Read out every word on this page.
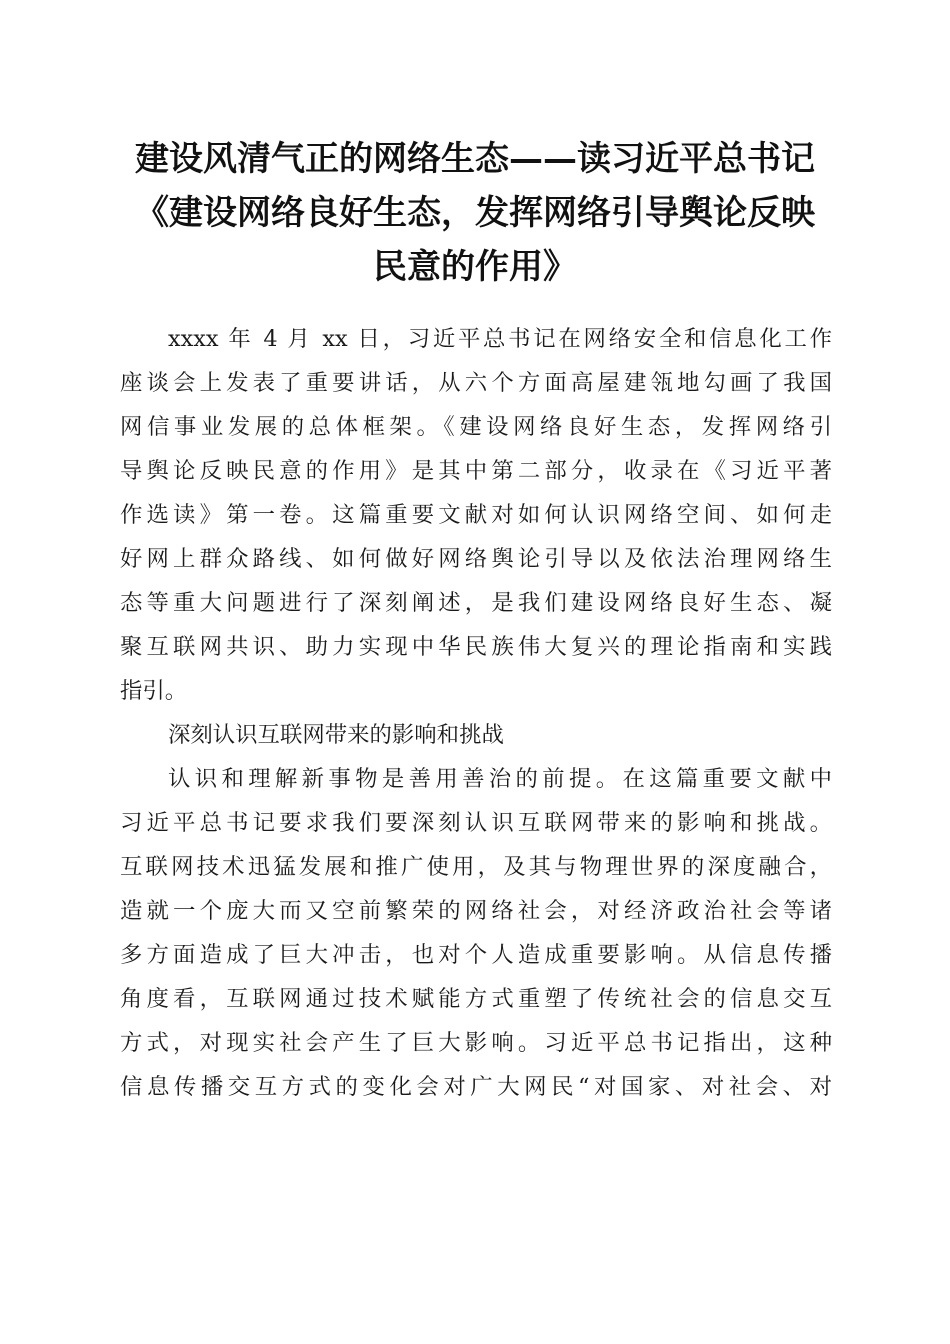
建设风清气正的网络生态——读习近平总书记
《建设网络良好生态，发挥网络引导舆论反映
民意的作用》
xxxx 年 4 月 xx 日，习近平总书记在网络安全和信息化工作
座谈会上发表了重要讲话，从六个方面高屋建瓴地勾画了我国
网信事业发展的总体框架。《建设网络良好生态，发挥网络引
导舆论反映民意的作用》是其中第二部分，收录在《习近平著
作选读》第一卷。这篇重要文献对如何认识网络空间、如何走
好网上群众路线、如何做好网络舆论引导以及依法治理网络生
态等重大问题进行了深刻阐述，是我们建设网络良好生态、凝
聚互联网共识、助力实现中华民族伟大复兴的理论指南和实践
指引。
深刻认识互联网带来的影响和挑战
认识和理解新事物是善用善治的前提。在这篇重要文献中
习近平总书记要求我们要深刻认识互联网带来的影响和挑战。
互联网技术迅猛发展和推广使用，及其与物理世界的深度融合，
造就一个庞大而又空前繁荣的网络社会，对经济政治社会等诸
多方面造成了巨大冲击，也对个人造成重要影响。从信息传播
角度看，互联网通过技术赋能方式重塑了传统社会的信息交互
方式，对现实社会产生了巨大影响。习近平总书记指出，这种
信息传播交互方式的变化会对广大网民“对国家、对社会、对
